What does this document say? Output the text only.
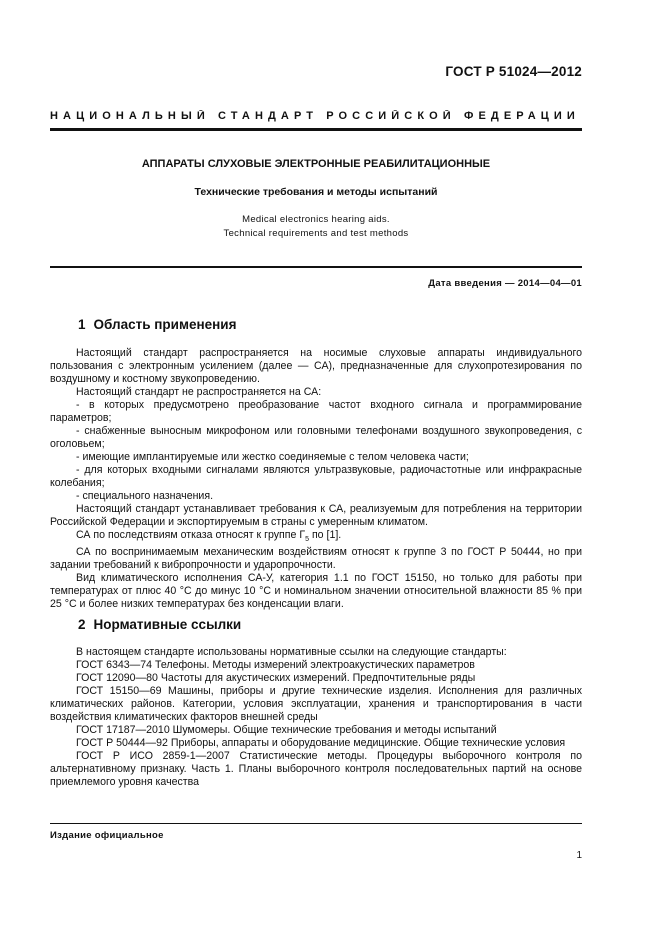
ГОСТ Р 51024—2012
НАЦИОНАЛЬНЫЙ СТАНДАРТ РОССИЙСКОЙ ФЕДЕРАЦИИ
АППАРАТЫ СЛУХОВЫЕ ЭЛЕКТРОННЫЕ РЕАБИЛИТАЦИОННЫЕ
Технические требования и методы испытаний
Medical electronics hearing aids.
Technical requirements and test methods
Дата введения — 2014—04—01
1 Область применения

Настоящий стандарт распространяется на носимые слуховые аппараты индивидуального пользования с электронным усилением (далее — СА), предназначенные для слухопротезирования по воздушному и костному звукопроведению.

Настоящий стандарт не распространяется на СА:

- в которых предусмотрено преобразование частот входного сигнала и программирование параметров;

- снабженные выносным микрофоном или головными телефонами воздушного звукопроведения, с оголовьем;

- имеющие имплантируемые или жестко соединяемые с телом человека части;

- для которых входными сигналами являются ультразвуковые, радиочастотные или инфракрасные колебания;

- специального назначения.

Настоящий стандарт устанавливает требования к СА, реализуемым для потребления на территории Российской Федерации и экспортируемым в страны с умеренным климатом.

СА по последствиям отказа относят к группе $Г_5$ по [1].

СА по воспринимаемым механическим воздействиям относят к группе 3 по ГОСТ Р 50444, но при задании требований к вибропрочности и ударопрочности.

Вид климатического исполнения СА-У, категория 1.1 по ГОСТ 15150, но только для работы при температурах от плюс 40 °С до минус 10 °С и номинальном значении относительной влажности 85 % при 25 °С и более низких температурах без конденсации влаги.

2 Нормативные ссылки

В настоящем стандарте использованы нормативные ссылки на следующие стандарты:

ГОСТ 6343—74 Телефоны. Методы измерений электроакустических параметров

ГОСТ 12090—80 Частоты для акустических измерений. Предпочтительные ряды

ГОСТ 15150—69 Машины, приборы и другие технические изделия. Исполнения для различных климатических районов. Категории, условия эксплуатации, хранения и транспортирования в части воздействия климатических факторов внешней среды

ГОСТ 17187—2010 Шумомеры. Общие технические требования и методы испытаний

ГОСТ Р 50444—92 Приборы, аппараты и оборудование медицинские. Общие технические условия

ГОСТ Р ИСО 2859-1—2007 Статистические методы. Процедуры выборочного контроля по альтернативному признаку. Часть 1. Планы выборочного контроля последовательных партий на основе приемлемого уровня качества

Издание официальное
1
